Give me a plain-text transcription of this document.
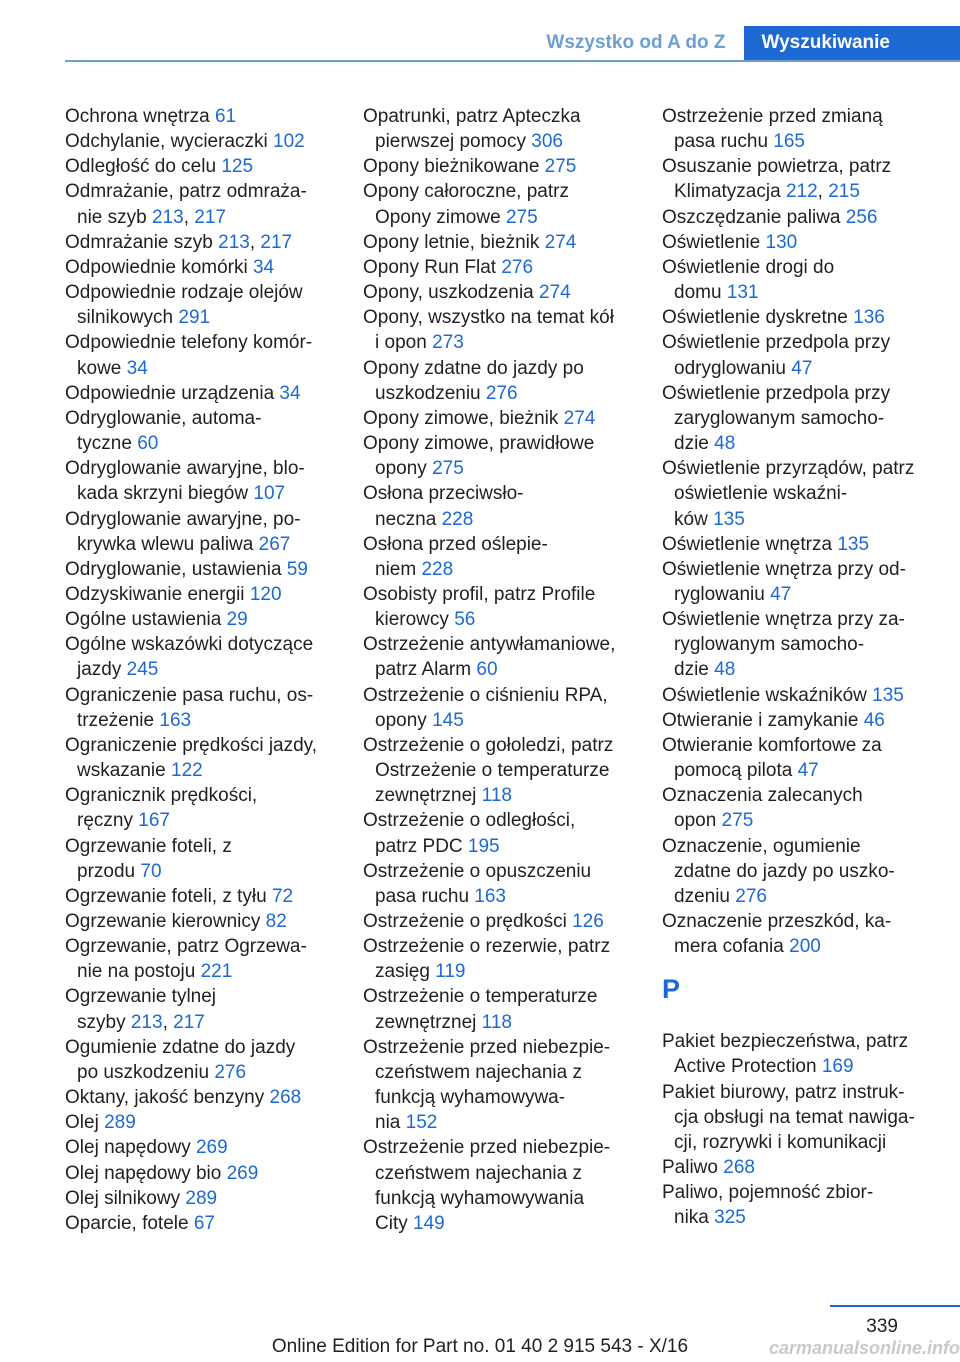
Wszystko od A do Z	Wyszukiwanie

Ochrona wnętrza 61

Odchylanie, wycieraczki 102

Odległość do celu 125

Odmrażanie, patrz odmraża-
nie szyb 213, 217

Odmrażanie szyb 213, 217

Odpowiednie komórki 34

Odpowiednie rodzaje olejów
silnikowych 291

Odpowiednie telefony komór-
kowe 34

Odpowiednie urządzenia 34

Odryglowanie, automa-
tyczne 60

Odryglowanie awaryjne, blo-
kada skrzyni biegów 107

Odryglowanie awaryjne, po-
krywka wlewu paliwa 267

Odryglowanie, ustawienia 59

Odzyskiwanie energii 120

Ogólne ustawienia 29

Ogólne wskazówki dotyczące
jazdy 245

Ograniczenie pasa ruchu, os-
trzeżenie 163

Ograniczenie prędkości jazdy,
wskazanie 122

Ogranicznik prędkości,
ręczny 167

Ogrzewanie foteli, z
przodu 70

Ogrzewanie foteli, z tyłu 72

Ogrzewanie kierownicy 82

Ogrzewanie, patrz Ogrzewa-
nie na postoju 221

Ogrzewanie tylnej
szyby 213, 217

Ogumienie zdatne do jazdy
po uszkodzeniu 276

Oktany, jakość benzyny 268

Olej 289

Olej napędowy 269

Olej napędowy bio 269

Olej silnikowy 289

Oparcie, fotele 67

Opatrunki, patrz Apteczka
pierwszej pomocy 306

Opony bieżnikowane 275

Opony całoroczne, patrz
Opony zimowe 275

Opony letnie, bieżnik 274

Opony Run Flat 276

Opony, uszkodzenia 274

Opony, wszystko na temat kół
i opon 273

Opony zdatne do jazdy po
uszkodzeniu 276

Opony zimowe, bieżnik 274

Opony zimowe, prawidłowe
opony 275

Osłona przeciwsło-
neczna 228

Osłona przed oślepie-
niem 228

Osobisty profil, patrz Profile
kierowcy 56

Ostrzeżenie antywłamaniowe,
patrz Alarm 60

Ostrzeżenie o ciśnieniu RPA,
opony 145

Ostrzeżenie o gołoledzi, patrz
Ostrzeżenie o temperaturze
zewnętrznej 118

Ostrzeżenie o odległości,
patrz PDC 195

Ostrzeżenie o opuszczeniu
pasa ruchu 163

Ostrzeżenie o prędkości 126

Ostrzeżenie o rezerwie, patrz
zasięg 119

Ostrzeżenie o temperaturze
zewnętrznej 118

Ostrzeżenie przed niebezpie-
czeństwem najechania z
funkcją wyhamowywa-
nia 152

Ostrzeżenie przed niebezpie-
czeństwem najechania z
funkcją wyhamowywania
City 149

Ostrzeżenie przed zmianą
pasa ruchu 165

Osuszanie powietrza, patrz
Klimatyzacja 212, 215

Oszczędzanie paliwa 256

Oświetlenie 130

Oświetlenie drogi do
domu 131

Oświetlenie dyskretne 136

Oświetlenie przedpola przy
odryglowaniu 47

Oświetlenie przedpola przy
zaryglowanym samocho-
dzie 48

Oświetlenie przyrządów, patrz
oświetlenie wskaźni-
ków 135

Oświetlenie wnętrza 135

Oświetlenie wnętrza przy od-
ryglowaniu 47

Oświetlenie wnętrza przy za-
ryglowanym samocho-
dzie 48

Oświetlenie wskaźników 135

Otwieranie i zamykanie 46

Otwieranie komfortowe za
pomocą pilota 47

Oznaczenia zalecanych
opon 275

Oznaczenie, ogumienie
zdatne do jazdy po uszko-
dzeniu 276

Oznaczenie przeszkód, ka-
mera cofania 200

P

Pakiet bezpieczeństwa, patrz
Active Protection 169

Pakiet biurowy, patrz instruk-
cja obsługi na temat nawiga-
cji, rozrywki i komunikacji

Paliwo 268

Paliwo, pojemność zbior-
nika 325

339
Online Edition for Part no. 01 40 2 915 543 - X/16	carmanualsonline.info
